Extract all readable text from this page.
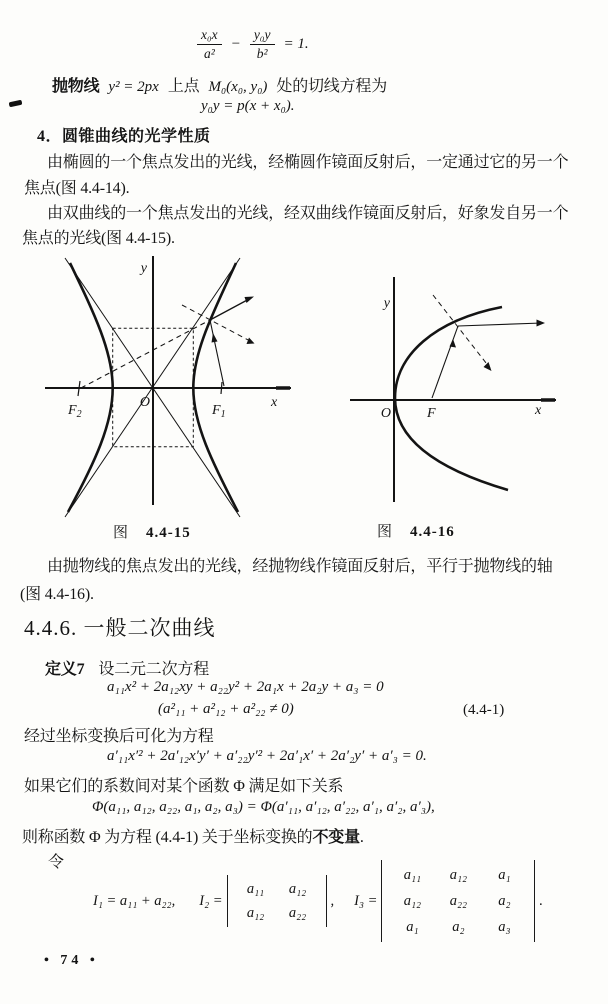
$\frac{\text{x₀x}}{\text{a²}} - \frac{\text{y₀y}}{\text{b²}} = 1$.
抛物线 y² = 2px 上点 M₀(x₀, y₀) 处的切线方程为
y₀y = p(x + x₀).
4．圆锥曲线的光学性质
由椭圆的一个焦点发出的光线，经椭圆作镜面反射后，一定通过它的另一个
焦点(图 4.4-14).
由双曲线的一个焦点发出的光线，经双曲线作镜面反射后，好象发自另一个
焦点的光线(图 4.4-15).
y
x
O
$F_2$	$F_1$
y
x
O	F
图 4.4-15	图 4.4-16
由抛物线的焦点发出的光线，经抛物线作镜面反射后，平行于抛物线的轴
(图 4.4-16).
4.4.6. 一般二次曲线
定义7 设二元二次方程
a₁₁x² + 2a₁₂xy + a₂₂y² + 2a₁x + 2a₂y + a₃ = 0
(a²₁₁ + a²₁₂ + a²₂₂ ≠ 0)	(4.4-1)
经过坐标变换后可化为方程
a′₁₁x′² + 2a′₁₂x′y′ + a′₂₂y′² + 2a′₁x′ + 2a′₂y′ + a′₃ = 0.
如果它们的系数间对某个函数 Φ 满足如下关系
Φ(a₁₁, a₁₂, a₂₂, a₁, a₂, a₃) = Φ(a′₁₁, a′₁₂, a′₂₂, a′₁, a′₂, a′₃),
则称函数 Φ 为方程 (4.4-1) 关于坐标变换的不变量.
令
I₁ = a₁₁ + a₂₂, I₂ =
a₁₁	a₁₂
a₁₂	a₂₂
, I₃ =
a₁₁	a₁₂	a₁
a₁₂	a₂₂	a₂
a₁	a₂	a₃
.
• 74 •
